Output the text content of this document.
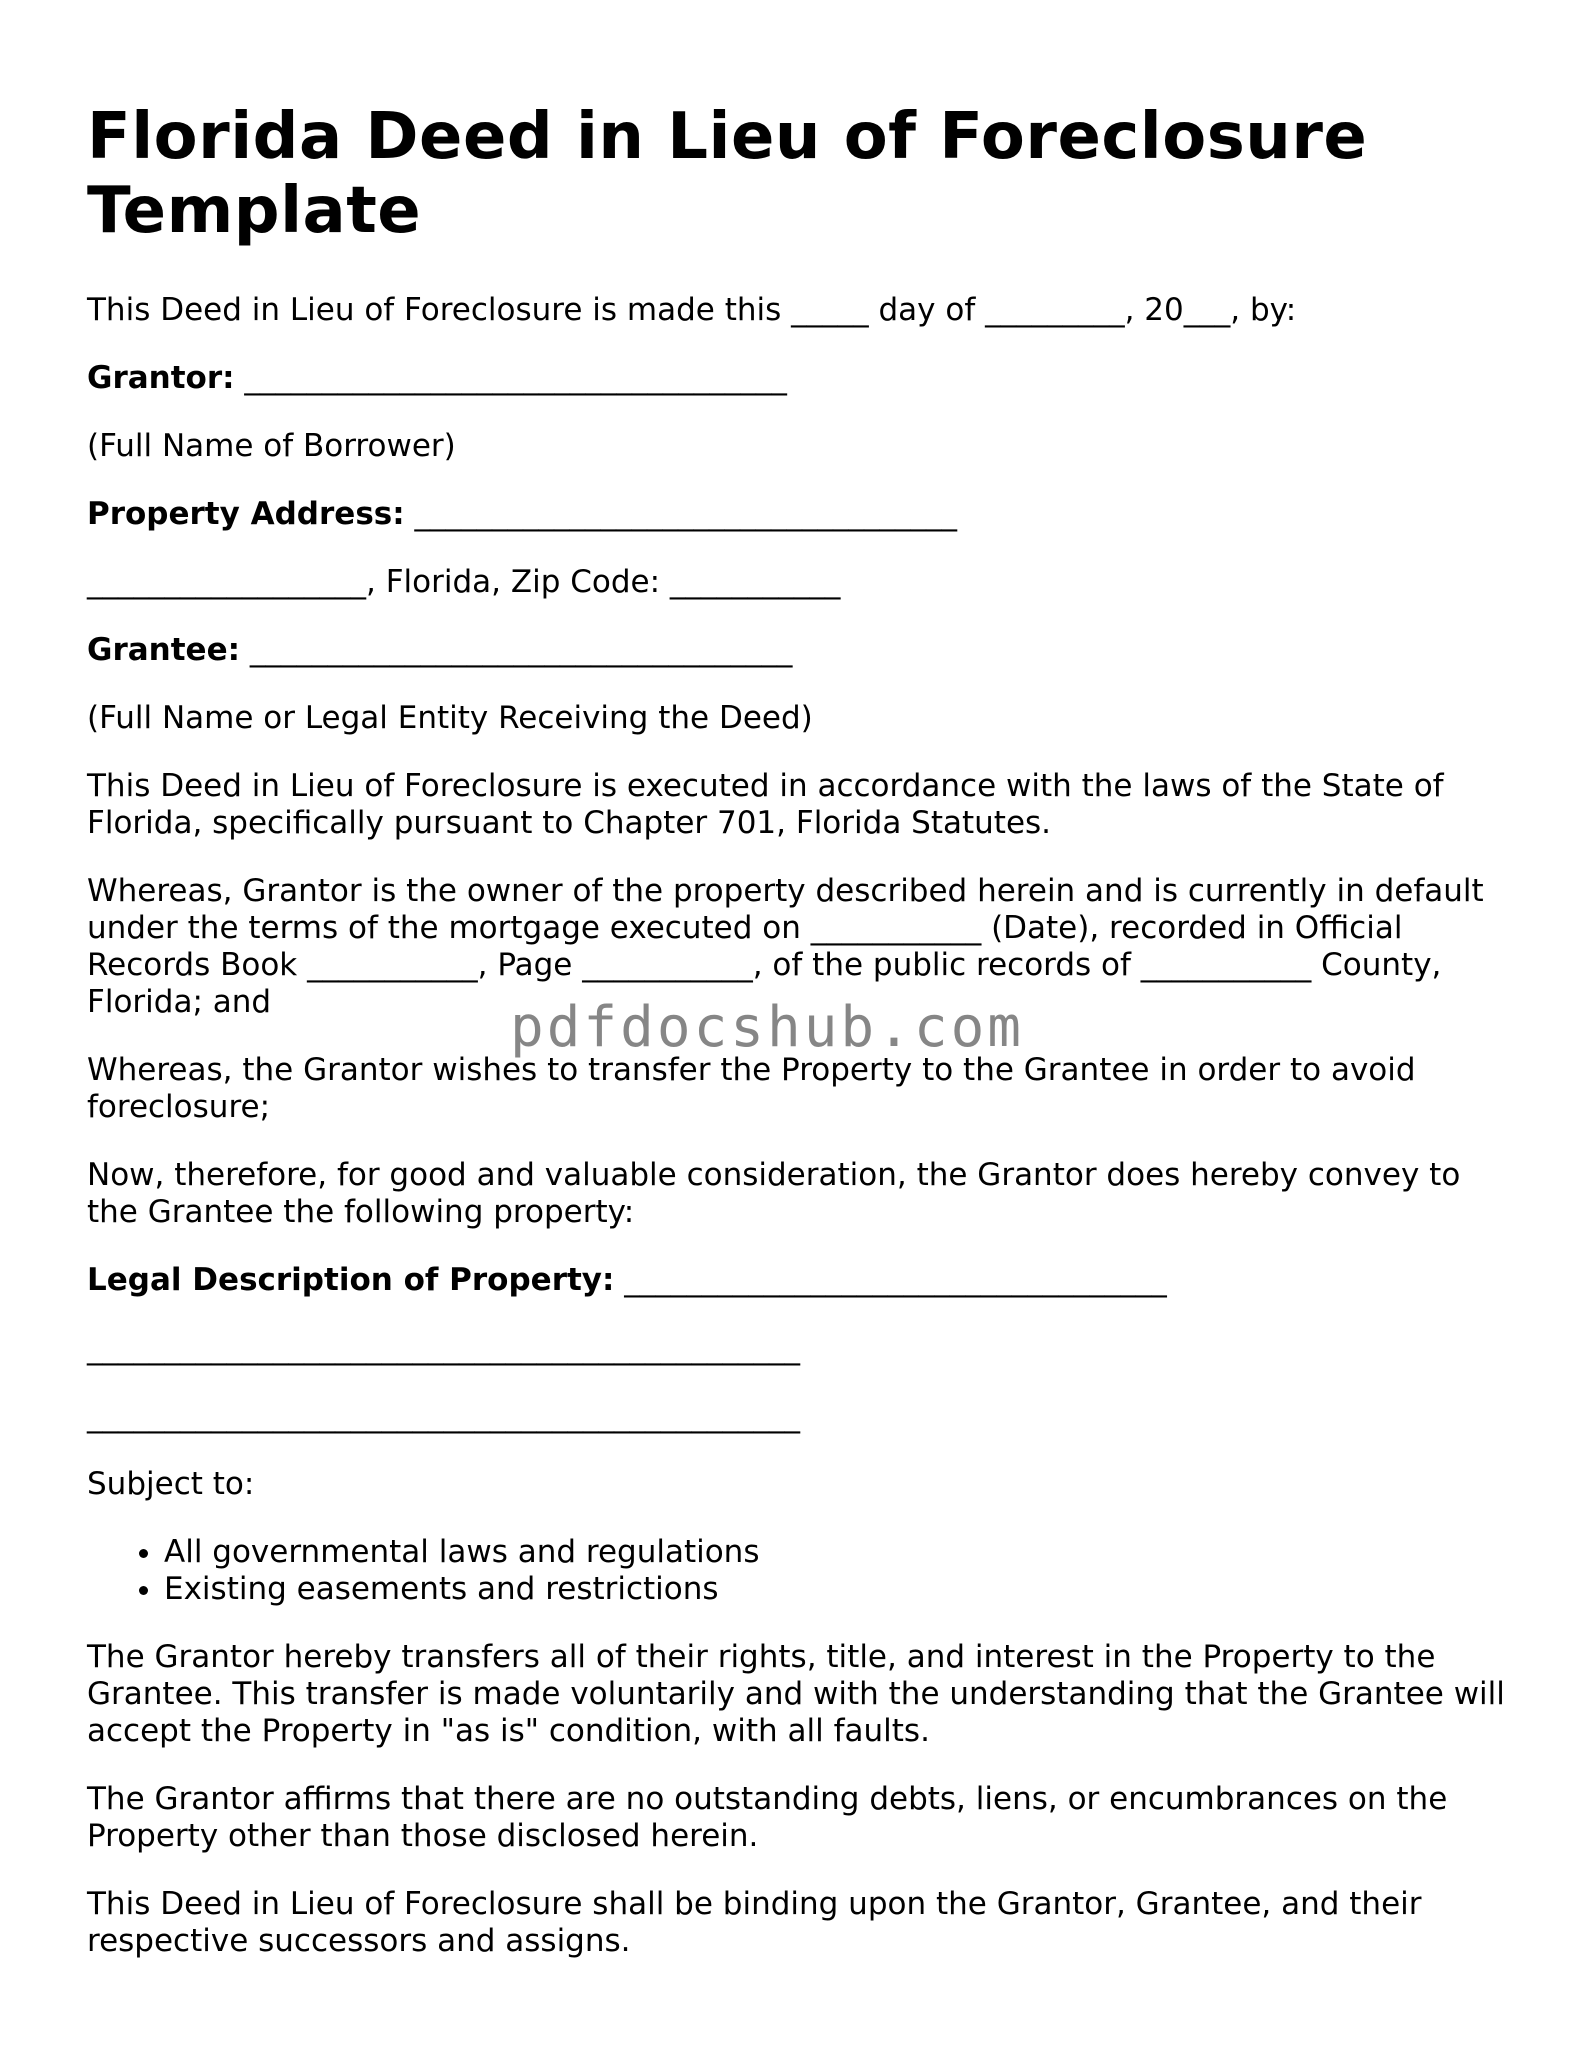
Florida Deed in Lieu of Foreclosure Template

This Deed in Lieu of Foreclosure is made this _____ day of _________, 20___, by:

Grantor: ___________________________________

(Full Name of Borrower)

Property Address: ___________________________________

__________________, Florida, Zip Code: ___________

Grantee: ___________________________________

(Full Name or Legal Entity Receiving the Deed)

This Deed in Lieu of Foreclosure is executed in accordance with the laws of the State of Florida, specifically pursuant to Chapter 701, Florida Statutes.

Whereas, Grantor is the owner of the property described herein and is currently in default under the terms of the mortgage executed on ___________ (Date), recorded in Official Records Book ___________, Page ___________, of the public records of ___________ County, Florida; and

Whereas, the Grantor wishes to transfer the Property to the Grantee in order to avoid foreclosure;

Now, therefore, for good and valuable consideration, the Grantor does hereby convey to the Grantee the following property:

Legal Description of Property: ___________________________________

______________________________________________

______________________________________________

Subject to:

• All governmental laws and regulations
• Existing easements and restrictions

The Grantor hereby transfers all of their rights, title, and interest in the Property to the Grantee. This transfer is made voluntarily and with the understanding that the Grantee will accept the Property in "as is" condition, with all faults.

The Grantor affirms that there are no outstanding debts, liens, or encumbrances on the Property other than those disclosed herein.

This Deed in Lieu of Foreclosure shall be binding upon the Grantor, Grantee, and their respective successors and assigns.

pdfdocshub.com
